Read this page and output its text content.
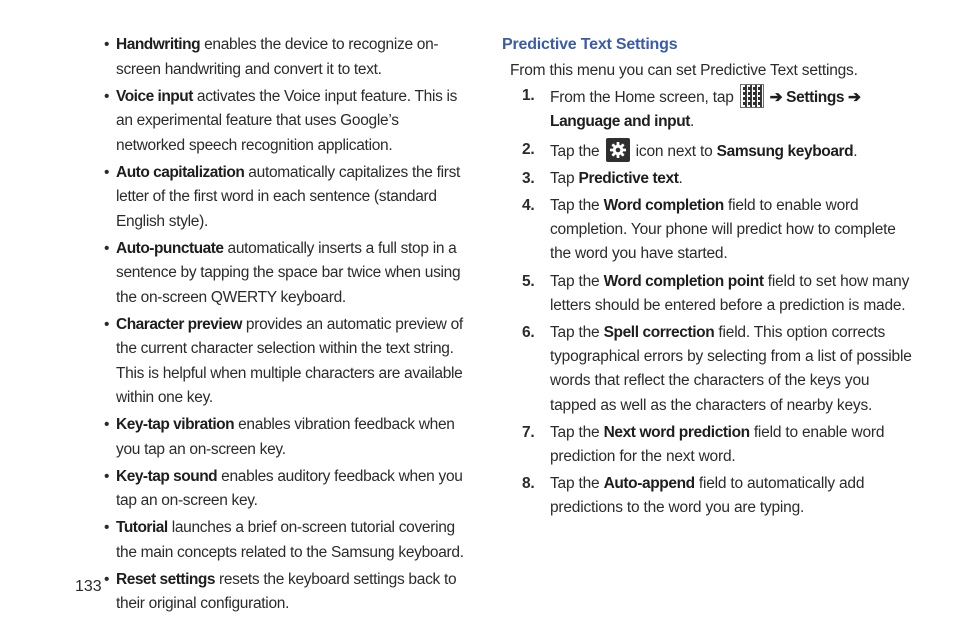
• Handwriting enables the device to recognize on-screen handwriting and convert it to text.
• Voice input activates the Voice input feature. This is an experimental feature that uses Google’s networked speech recognition application.
• Auto capitalization automatically capitalizes the first letter of the first word in each sentence (standard English style).
• Auto-punctuate automatically inserts a full stop in a sentence by tapping the space bar twice when using the on-screen QWERTY keyboard.
• Character preview provides an automatic preview of the current character selection within the text string. This is helpful when multiple characters are available within one key.
• Key-tap vibration enables vibration feedback when you tap an on-screen key.
• Key-tap sound enables auditory feedback when you tap an on-screen key.
• Tutorial launches a brief on-screen tutorial covering the main concepts related to the Samsung keyboard.
• Reset settings resets the keyboard settings back to their original configuration.
133
Predictive Text Settings
From this menu you can set Predictive Text settings.
1. From the Home screen, tap
➔ Settings ➔ Language and input.
2. Tap the
icon next to Samsung keyboard.
3. Tap Predictive text.
4. Tap the Word completion field to enable word completion. Your phone will predict how to complete the word you have started.
5. Tap the Word completion point field to set how many letters should be entered before a prediction is made.
6. Tap the Spell correction field. This option corrects typographical errors by selecting from a list of possible words that reflect the characters of the keys you tapped as well as the characters of nearby keys.
7. Tap the Next word prediction field to enable word prediction for the next word.
8. Tap the Auto-append field to automatically add predictions to the word you are typing.
